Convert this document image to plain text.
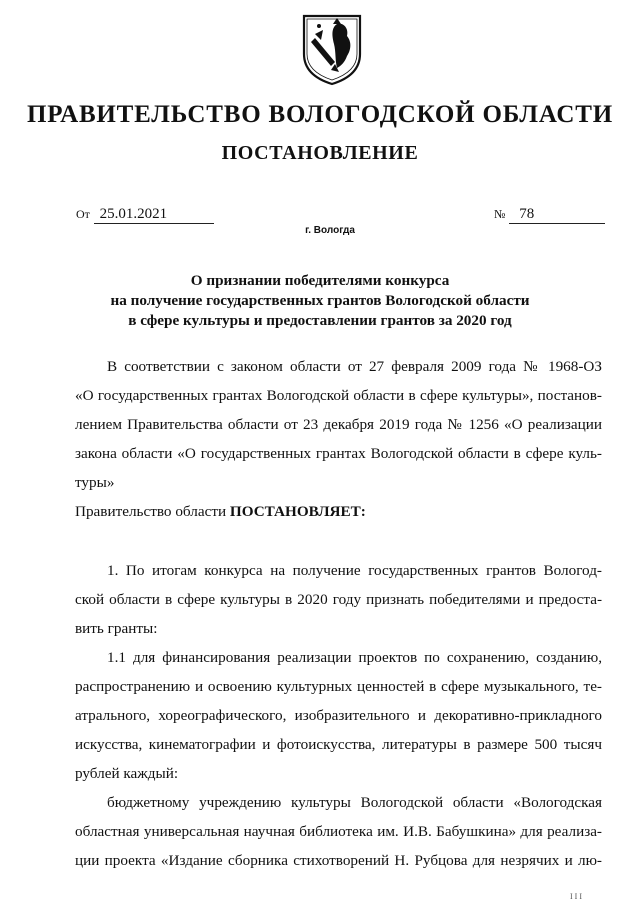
ПРАВИТЕЛЬСТВО ВОЛОГОДСКОЙ ОБЛАСТИ
ПОСТАНОВЛЕНИЕ
От 25.01.2021	№ 78
г. Вологда
О признании победителями конкурса
на получение государственных грантов Вологодской области
в сфере культуры и предоставлении грантов за 2020 год
В соответствии с законом области от 27 февраля 2009 года № 1968-ОЗ
«О государственных грантах Вологодской области в сфере культуры», постанов-
лением Правительства области от 23 декабря 2019 года № 1256 «О реализации
закона области «О государственных грантах Вологодской области в сфере куль-
туры»
Правительство области ПОСТАНОВЛЯЕТ:
1. По итогам конкурса на получение государственных грантов Вологод-
ской области в сфере культуры в 2020 году признать победителями и предоста-
вить гранты:
1.1 для финансирования реализации проектов по сохранению, созданию,
распространению и освоению культурных ценностей в сфере музыкального, те-
атрального, хореографического, изобразительного и декоративно-прикладного
искусства, кинематографии и фотоискусства, литературы в размере 500 тысяч
рублей каждый:
бюджетному учреждению культуры Вологодской области «Вологодская
областная универсальная научная библиотека им. И.В. Бабушкина» для реализа-
ции проекта «Издание сборника стихотворений Н. Рубцова для незрячих и лю-
I I I
